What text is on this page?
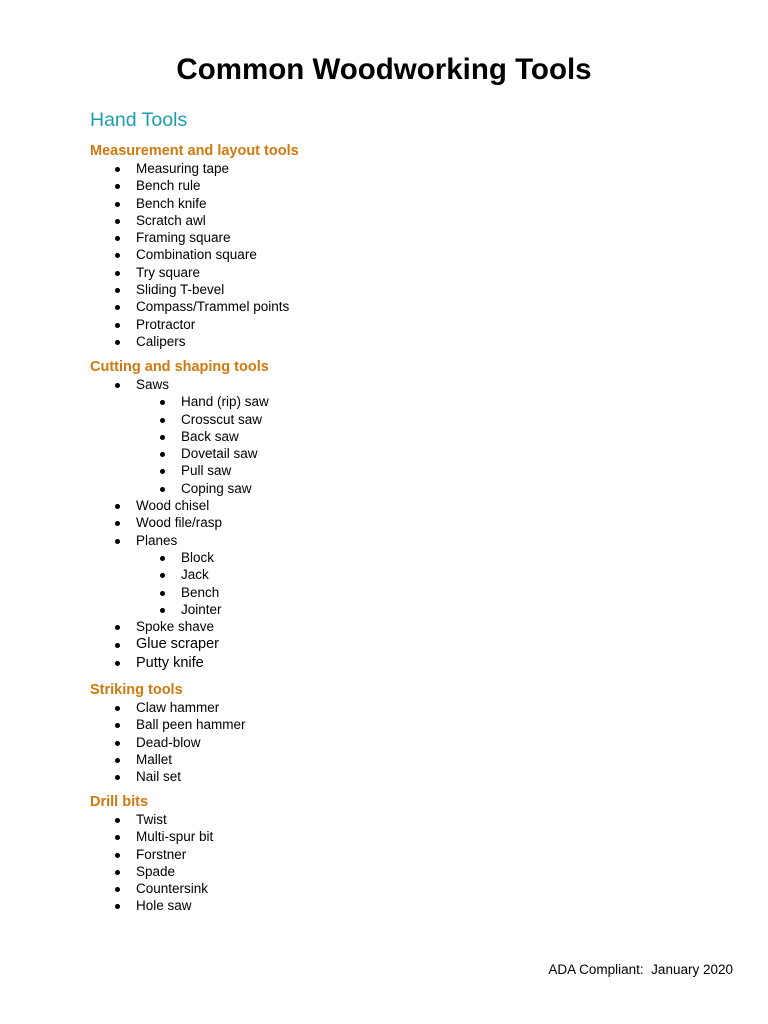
Common Woodworking Tools
Hand Tools
Measurement and layout tools
Measuring tape
Bench rule
Bench knife
Scratch awl
Framing square
Combination square
Try square
Sliding T-bevel
Compass/Trammel points
Protractor
Calipers
Cutting and shaping tools
Saws
Hand (rip) saw
Crosscut saw
Back saw
Dovetail saw
Pull saw
Coping saw
Wood chisel
Wood file/rasp
Planes
Block
Jack
Bench
Jointer
Spoke shave
Glue scraper
Putty knife
Striking tools
Claw hammer
Ball peen hammer
Dead-blow
Mallet
Nail set
Drill bits
Twist
Multi-spur bit
Forstner
Spade
Countersink
Hole saw
ADA Compliant:  January 2020
